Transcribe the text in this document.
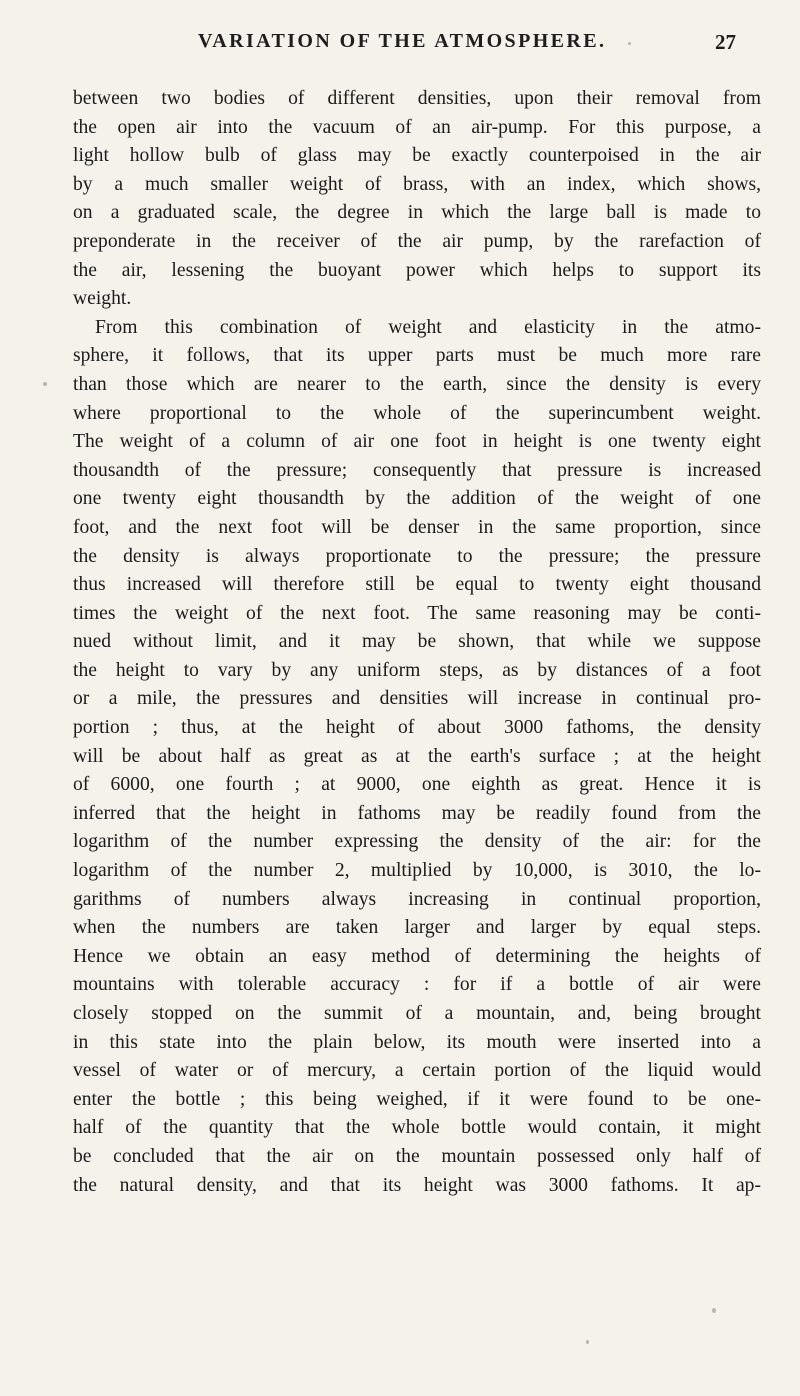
VARIATION OF THE ATMOSPHERE.	27
between two bodies of different densities, upon their removal from
the open air into the vacuum of an air-pump. For this purpose, a
light hollow bulb of glass may be exactly counterpoised in the air
by a much smaller weight of brass, with an index, which shows,
on a graduated scale, the degree in which the large ball is made to
preponderate in the receiver of the air pump, by the rarefaction of
the air, lessening the buoyant power which helps to support its
weight.
From this combination of weight and elasticity in the atmo-
sphere, it follows, that its upper parts must be much more rare
than those which are nearer to the earth, since the density is every
where proportional to the whole of the superincumbent weight.
The weight of a column of air one foot in height is one twenty eight
thousandth of the pressure; consequently that pressure is increased
one twenty eight thousandth by the addition of the weight of one
foot, and the next foot will be denser in the same proportion, since
the density is always proportionate to the pressure; the pressure
thus increased will therefore still be equal to twenty eight thousand
times the weight of the next foot. The same reasoning may be conti-
nued without limit, and it may be shown, that while we suppose
the height to vary by any uniform steps, as by distances of a foot
or a mile, the pressures and densities will increase in continual pro-
portion ; thus, at the height of about 3000 fathoms, the density
will be about half as great as at the earth's surface ; at the height
of 6000, one fourth ; at 9000, one eighth as great. Hence it is
inferred that the height in fathoms may be readily found from the
logarithm of the number expressing the density of the air: for the
logarithm of the number 2, multiplied by 10,000, is 3010, the lo-
garithms of numbers always increasing in continual proportion,
when the numbers are taken larger and larger by equal steps.
Hence we obtain an easy method of determining the heights of
mountains with tolerable accuracy : for if a bottle of air were
closely stopped on the summit of a mountain, and, being brought
in this state into the plain below, its mouth were inserted into a
vessel of water or of mercury, a certain portion of the liquid would
enter the bottle ; this being weighed, if it were found to be one-
half of the quantity that the whole bottle would contain, it might
be concluded that the air on the mountain possessed only half of
the natural density, and that its height was 3000 fathoms. It ap-
